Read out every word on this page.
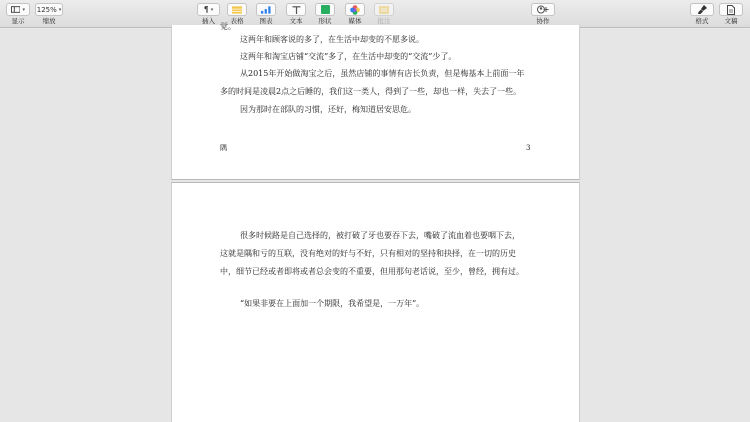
▾
显示
125% ▾
缩放
¶ ▾
插入 表格 图表	文本 形状	媒体 批注	协作	格式 文稿
觉。
这两年和顾客说的多了，在生活中却变的不愿多说。
这两年和淘宝店铺“交流”多了，在生活中却变的“交流”少了。
从2015年开始做淘宝之后，虽然店铺的事情有店长负责，但是梅基本上前面一年
多的时间是凌晨2点之后睡的，我们这一类人，得到了一些，却也一样，失去了一些。
因为那时在部队的习惯，还好，梅知道居安思危。
隅	3
很多时候路是自己选择的，被打破了牙也要吞下去，嘴破了流血着也要咽下去，
这就是隅和亏的互联，没有绝对的好与不好，只有相对的坚持和抉择，在一切的历史
中，细节已经或者即将或者总会变的不重要，但用那句老话说，至少，曾经，拥有过。
“如果非要在上面加一个期限，我希望是，一万年”。
